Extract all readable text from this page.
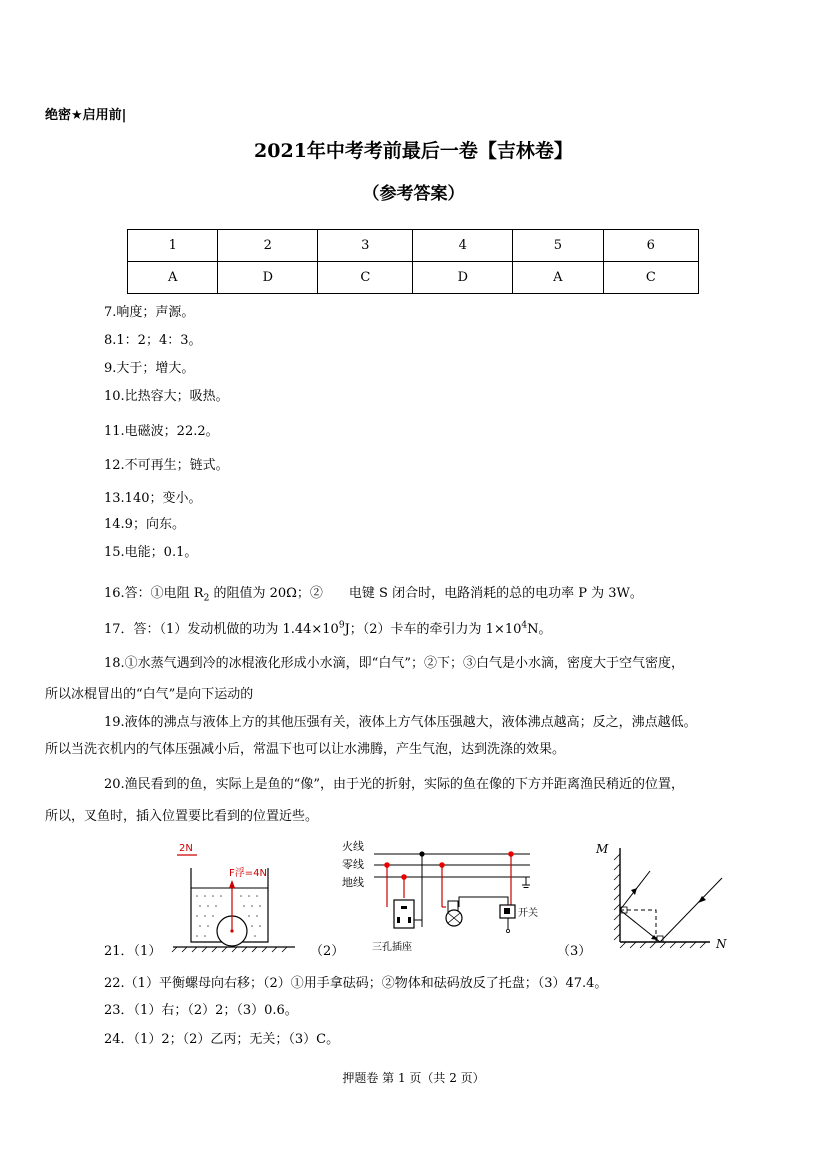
绝密★启用前|
2021年中考考前最后一卷【吉林卷】
（参考答案）
1	2	3	4	5	6
A	D	C	D	A	C
7.响度；声源。
8.1：2；4：3。
9.大于；增大。
10.比热容大；吸热。
11.电磁波；22.2。
12.不可再生；链式。
13.140；变小。
14.9；向东。
15.电能；0.1。
16.答：①电阻 $R_2$ 的阻值为 20Ω；②　　电键 S 闭合时，电路消耗的总的电功率 P 为 3W。
17．答：（1）发动机做的功为 $1.44\times 10^9J$；（2）卡车的牵引力为 $1\times 10^4N$。
18.①水蒸气遇到冷的冰棍液化形成小水滴，即“白气”；②下；③白气是小水滴，密度大于空气密度，
所以冰棍冒出的“白气”是向下运动的
19.液体的沸点与液体上方的其他压强有关，液体上方气体压强越大，液体沸点越高；反之，沸点越低。
所以当洗衣机内的气体压强减小后，常温下也可以让水沸腾，产生气泡，达到洗涤的效果。
20.渔民看到的鱼，实际上是鱼的“像”，由于光的折射，实际的鱼在像的下方并距离渔民稍近的位置，
所以，叉鱼时，插入位置要比看到的位置近些。
21．（1）	（2）	（3）
2N
F浮=4N
火线
零线
地线
三孔插座
开关
M
N
22.（1）平衡螺母向右移；（2）①用手拿砝码；②物体和砝码放反了托盘；（3）47.4。
23．（1）右；（2）2；（3）0.6。
24．（1）2；（2）乙丙；无关；（3）C。
押题卷 第 1 页（共 2 页）
